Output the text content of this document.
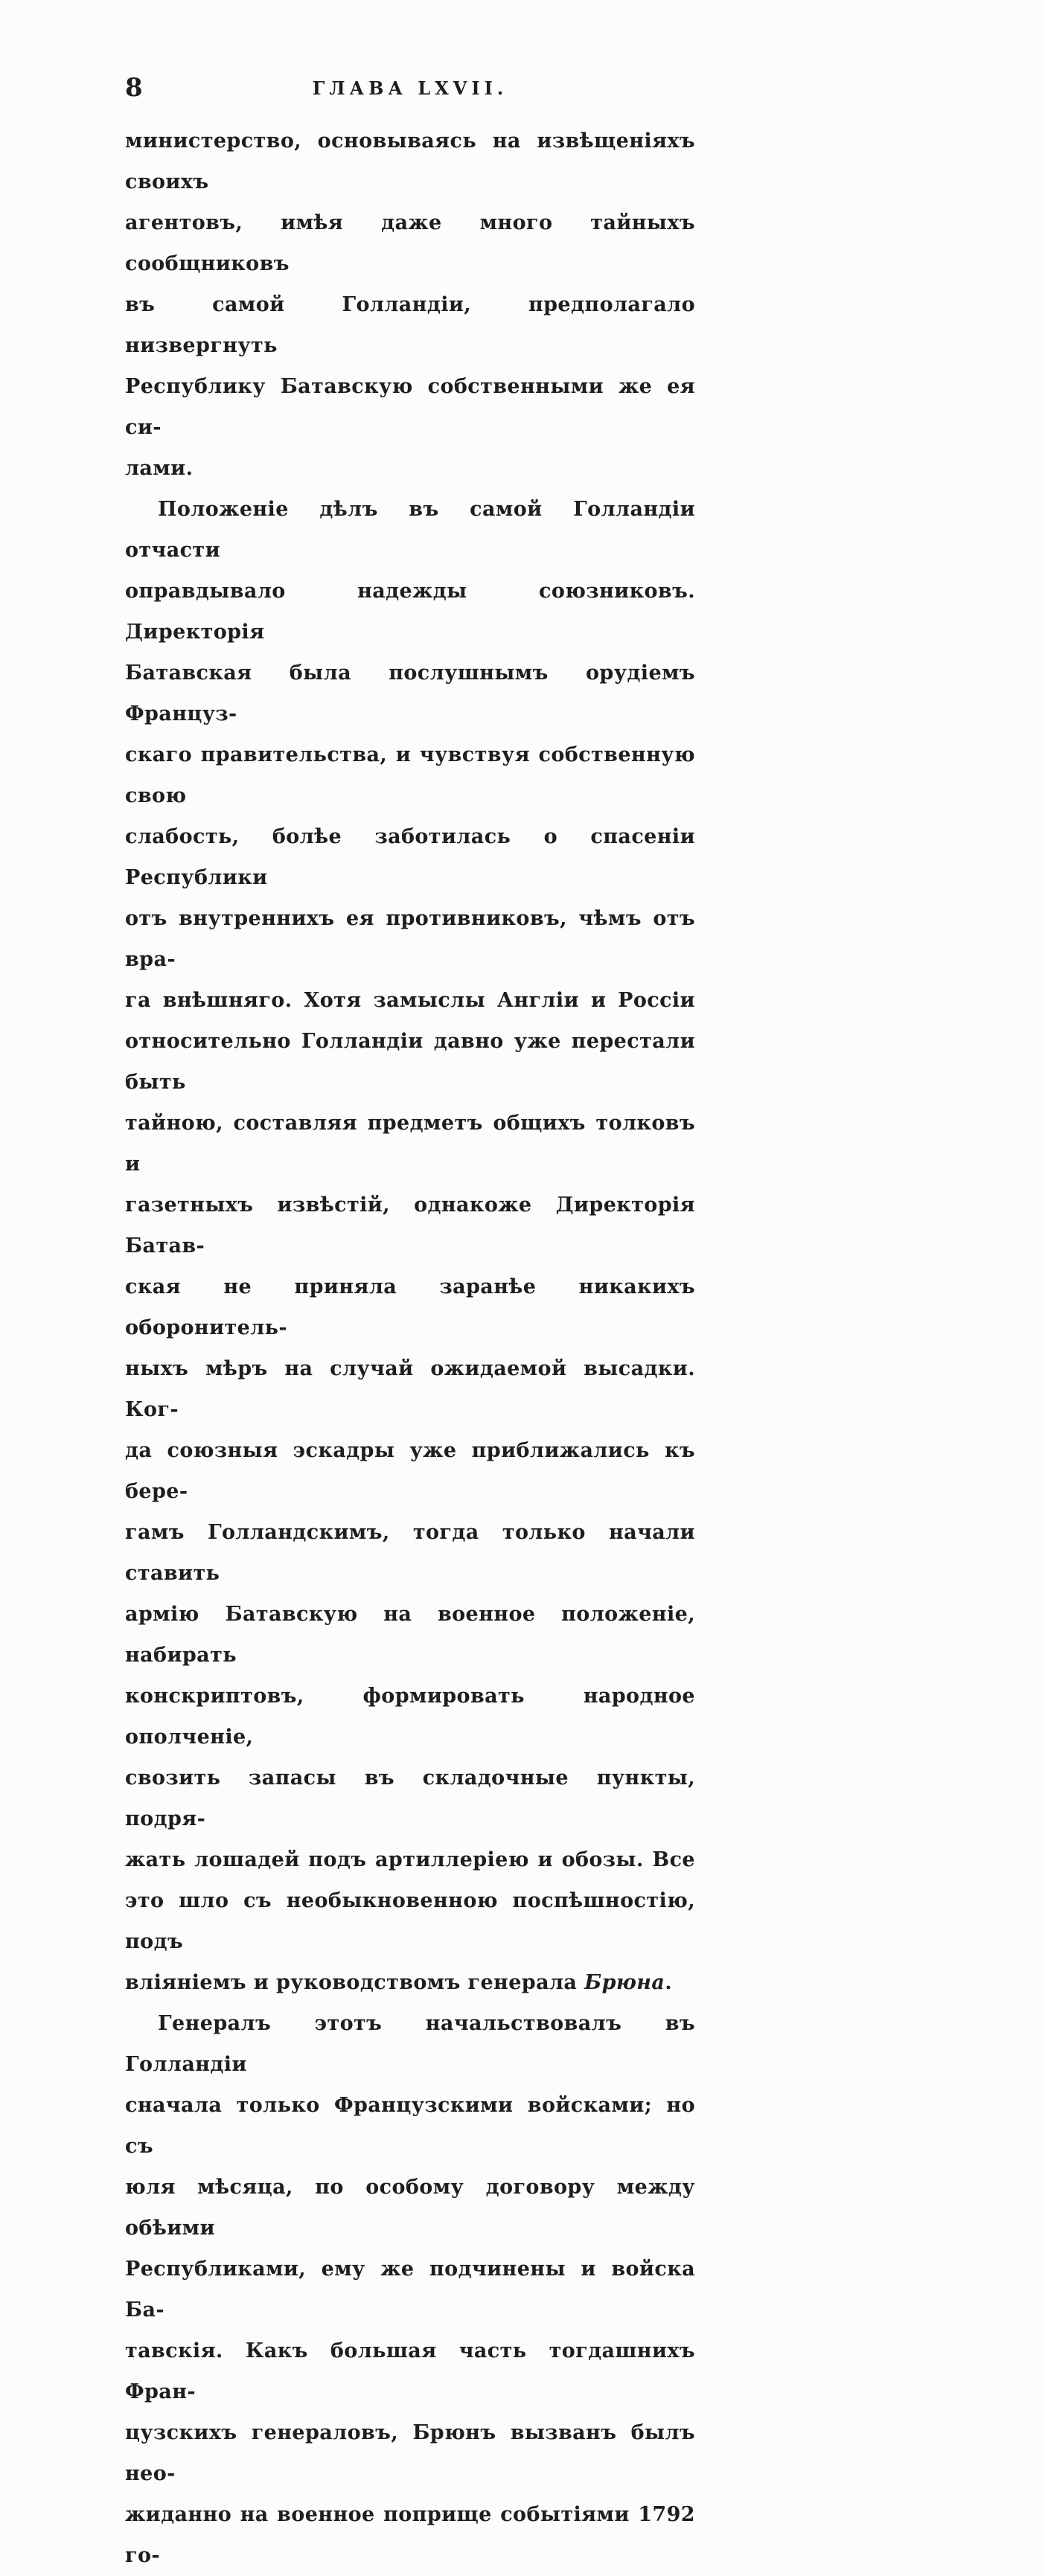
8	ГЛАВА LXVII.
министерство, основываясь на извѣщеніяхъ своихъ
агентовъ, имѣя даже много тайныхъ сообщниковъ
въ самой Голландіи, предполагало низвергнуть
Республику Батавскую собственными же ея си-
лами.
Положеніе дѣлъ въ самой Голландіи отчасти
оправдывало надежды союзниковъ. Директорія
Батавская была послушнымъ орудіемъ Француз-
скаго правительства, и чувствуя собственную свою
слабость, болѣе заботилась о спасеніи Республики
отъ внутреннихъ ея противниковъ, чѣмъ отъ вра-
га внѣшняго. Хотя замыслы Англіи и Россіи
относительно Голландіи давно уже перестали быть
тайною, составляя предметъ общихъ толковъ и
газетныхъ извѣстій, однакоже Директорія Батав-
ская не приняла заранѣе никакихъ оборонитель-
ныхъ мѣръ на случай ожидаемой высадки. Ког-
да союзныя эскадры уже приближались къ бере-
гамъ Голландскимъ, тогда только начали ставить
армію Батавскую на военное положеніе, набирать
конскриптовъ, формировать народное ополченіе,
свозить запасы въ складочные пункты, подря-
жать лошадей подъ артиллеріею и обозы. Все
это шло съ необыкновенною поспѣшностію, подъ
вліяніемъ и руководствомъ генерала Брюна.
Генералъ этотъ начальствовалъ въ Голландіи
сначала только Французскими войсками; но съ
юля мѣсяца, по особому договору между обѣими
Республиками, ему же подчинены и войска Ба-
тавскія. Какъ большая часть тогдашнихъ Фран-
цузскихъ генераловъ, Брюнъ вызванъ былъ нео-
жиданно на военное поприще событіями 1792 го-
